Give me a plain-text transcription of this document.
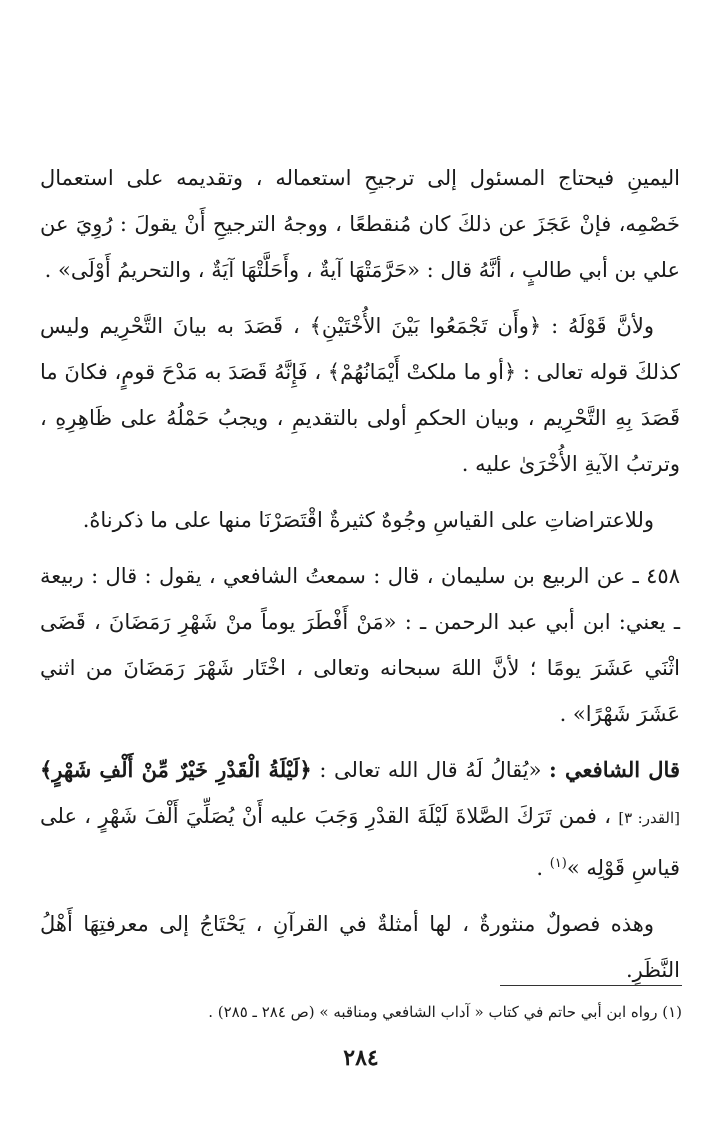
اليمينِ فيحتاج المسئول إلى ترجيحِ استعماله ، وتقديمه على استعمال خَصْمِه، فإنْ عَجَزَ عن ذلكَ كان مُنقطعًا ، ووجهُ الترجيحِ أَنْ يقولَ : رُوِيَ عن علي بن أبي طالبٍ ، أنَّهُ قال : «حَرَّمَتْهَا آيةٌ ، وأَحَلَّتْهَا آيَةٌ ، والتحريمُ أَوْلَى» .

ولأنَّ قَوْلَهُ : ﴿وأَن تَجْمَعُوا بَيْنَ الأُخْتَيْنِ﴾ ، قَصَدَ به بيانَ التَّحْرِيم وليس كذلكَ قوله تعالى : ﴿أو ما ملكتْ أَيْمَانُهُمْ﴾ ، فَإِنَّهُ قَصَدَ به مَدْحَ قومٍ، فكانَ ما قَصَدَ بِهِ التَّحْرِيم ، وبيان الحكمِ أولى بالتقديمِ ، ويجبُ حَمْلُهُ على ظَاهِرِهِ ، وترتبُ الآيةِ الأُخْرَىٰ عليه .

وللاعتراضاتِ على القياسِ وجُوهٌ كثيرةٌ اقْتَصَرْنَا منها على ما ذكرناهُ.

٤٥٨ ـ عن الربيع بن سليمان ، قال : سمعتُ الشافعي ، يقول : قال : ربيعة ـ يعني: ابن أبي عبد الرحمن ـ : «مَنْ أَفْطَرَ يوماً منْ شَهْرِ رَمَضَانَ ، قَضَى اثْنَي عَشَرَ يومًا ؛ لأنَّ اللهَ سبحانه وتعالى ، اخْتَار شَهْرَ رَمَضَانَ من اثني عَشَرَ شَهْرًا» .

قال الشافعي : «يُقالُ لَهُ قال الله تعالى : ﴿لَيْلَةُ الْقَدْرِ خَيْرٌ مِّنْ أَلْفِ شَهْرٍ﴾ [القدر: ٣] ، فمن تَرَكَ الصَّلاةَ لَيْلَةَ القدْرِ وَجَبَ عليه أَنْ يُصَلِّيَ أَلْفَ شَهْرٍ ، على قياسِ قَوْلِه »$^{(١)}$ .

وهذه فصولٌ منثورةٌ ، لها أمثلةٌ في القرآنِ ، يَحْتَاجُ إلى معرفتِهَا أَهْلُ النَّظَرِ.

(١) رواه ابن أبي حاتم في كتاب « آداب الشافعي ومناقبه » (ص ٢٨٤ ـ ٢٨٥) .
٢٨٤
